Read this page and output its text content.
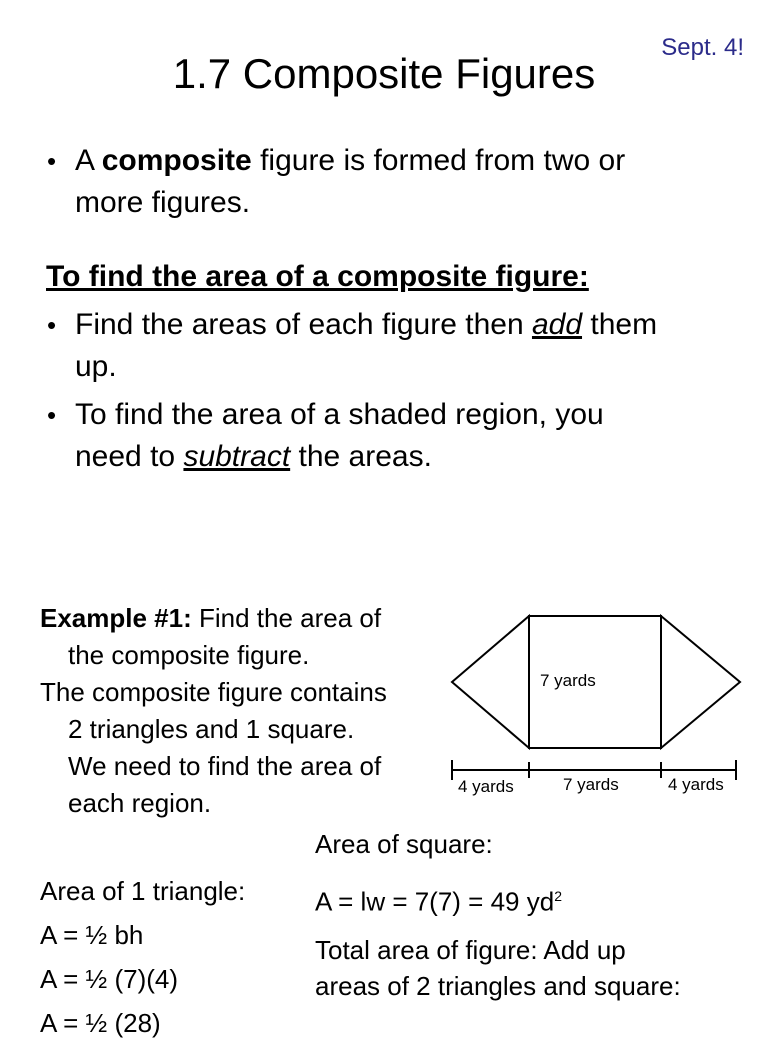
1.7 Composite Figures
Sept. 4!
• A composite figure is formed from two or
more figures.
To find the area of a composite figure:
• Find the areas of each figure then add them
up.
• To find the area of a shaded region, you
need to subtract the areas.
Example #1: Find the area of
the composite figure.
The composite figure contains
2 triangles and 1 square.
We need to find the area of
each region.
7 yards
4 yards	7 yards	4 yards
Area of square:
A = lw = 7(7) = 49 $yd^2$
Area of 1 triangle:
A = ½ bh
A = ½ (7)(4)
A = ½ (28)
Total area of figure: Add up
areas of 2 triangles and square:
